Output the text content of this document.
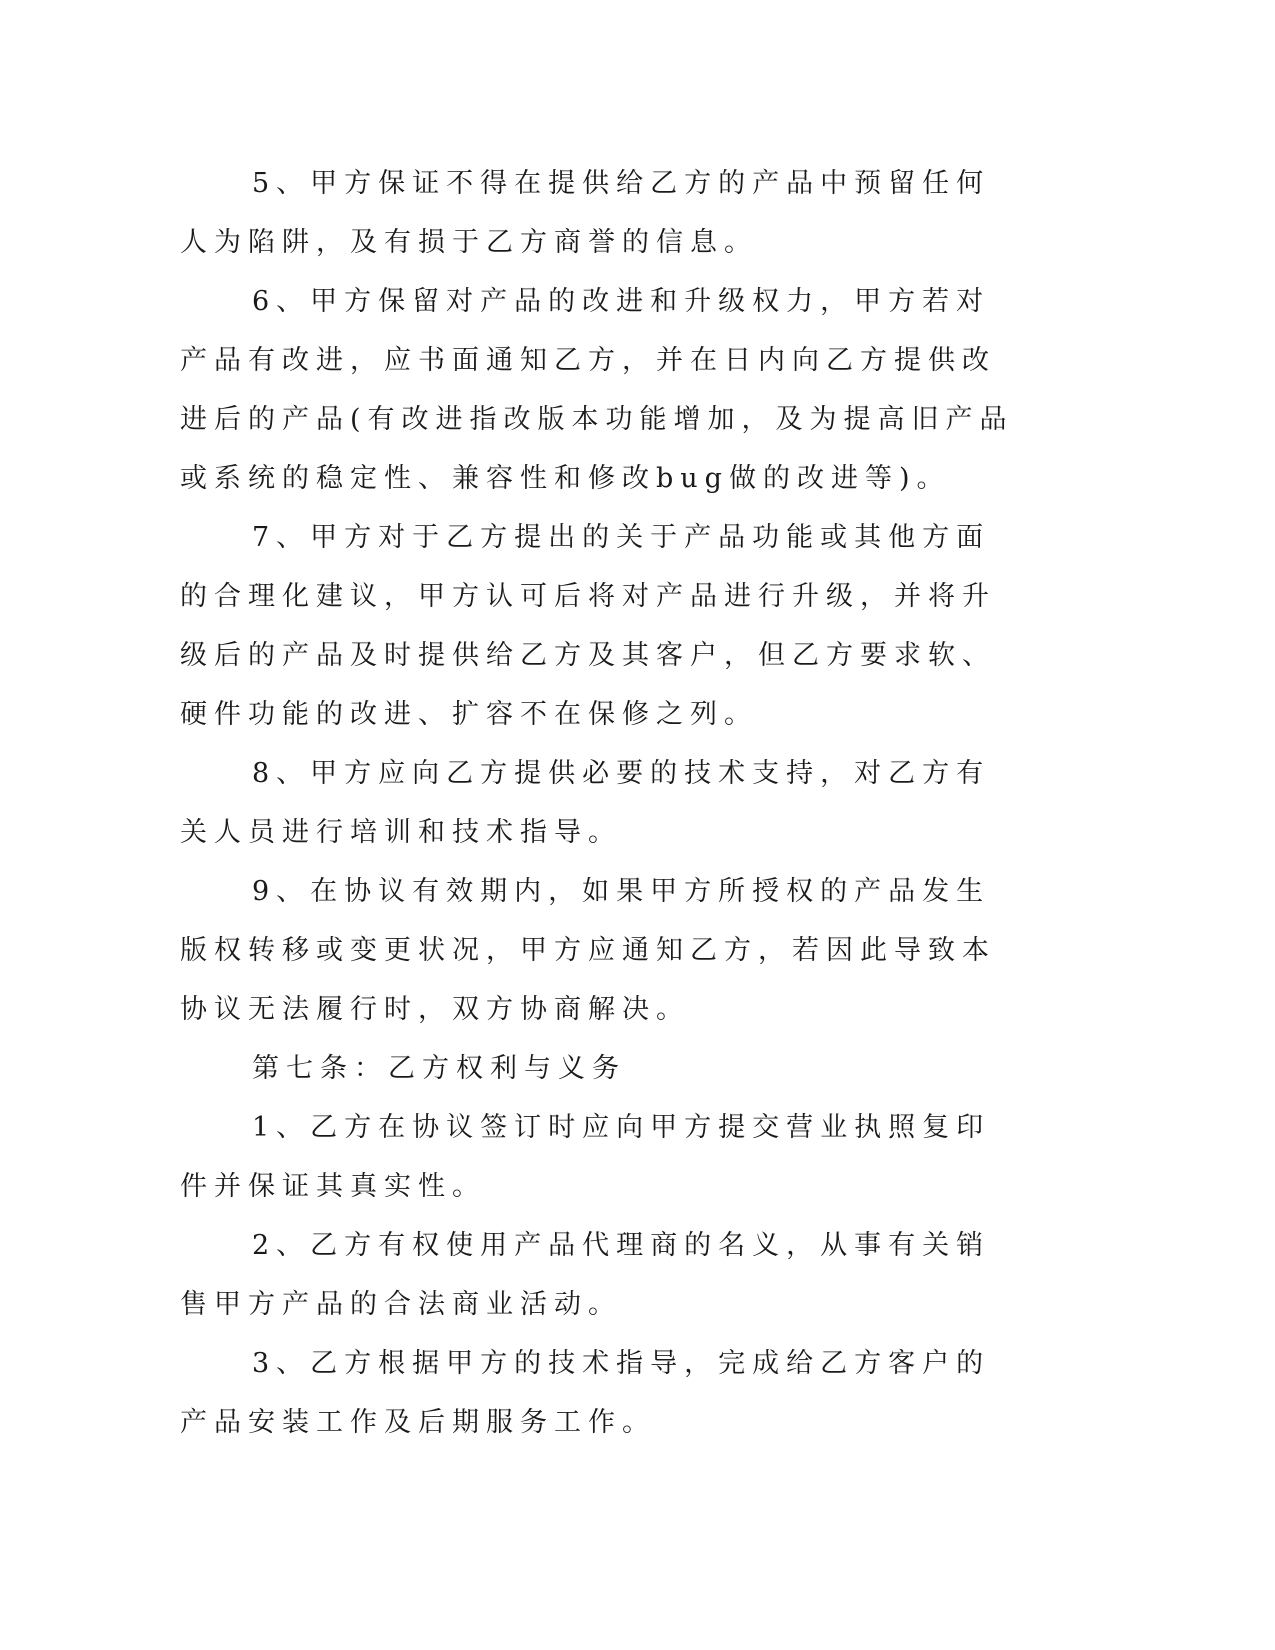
5、甲方保证不得在提供给乙方的产品中预留任何人为陷阱，及有损于乙方商誉的信息。

6、甲方保留对产品的改进和升级权力，甲方若对产品有改进，应书面通知乙方，并在日内向乙方提供改进后的产品(有改进指改版本功能增加，及为提高旧产品或系统的稳定性、兼容性和修改bug做的改进等)。

7、甲方对于乙方提出的关于产品功能或其他方面的合理化建议，甲方认可后将对产品进行升级，并将升级后的产品及时提供给乙方及其客户，但乙方要求软、硬件功能的改进、扩容不在保修之列。

8、甲方应向乙方提供必要的技术支持，对乙方有关人员进行培训和技术指导。

9、在协议有效期内，如果甲方所授权的产品发生版权转移或变更状况，甲方应通知乙方，若因此导致本协议无法履行时，双方协商解决。

第七条：乙方权利与义务

1、乙方在协议签订时应向甲方提交营业执照复印件并保证其真实性。

2、乙方有权使用产品代理商的名义，从事有关销售甲方产品的合法商业活动。

3、乙方根据甲方的技术指导，完成给乙方客户的产品安装工作及后期服务工作。
